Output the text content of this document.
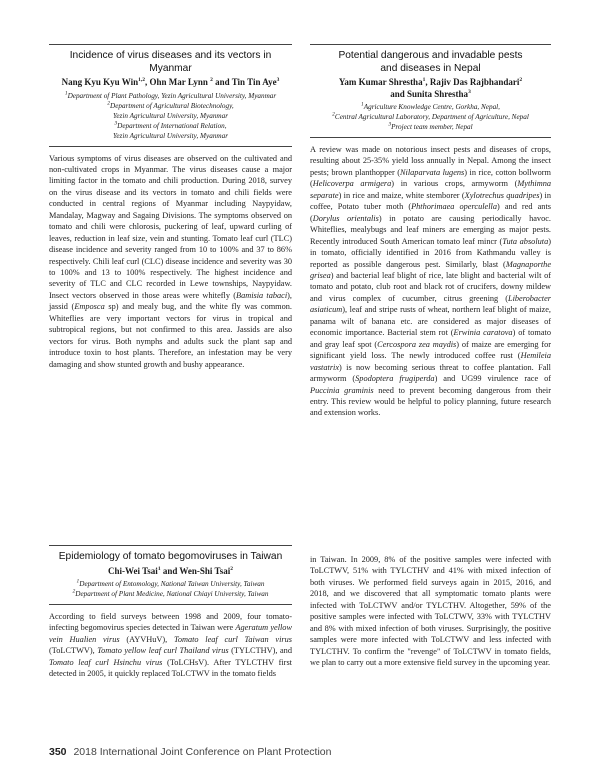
Incidence of virus diseases and its vectors in Myanmar
Nang Kyu Kyu Win$^{1,2}$, Ohn Mar Lynn $^2$ and Tin Tin Aye$^3$
$^1$Department of Plant Pathology, Yezin Agricultural University, Myanmar
$^2$Department of Agricultural Biotechnology,
Yezin Agricultural University, Myanmar
$^3$Department of International Relation,
Yezin Agricultural University, Myanmar
Various symptoms of virus diseases are observed on the cultivated and non-cultivated crops in Myanmar. The virus diseases cause a major limiting factor in the tomato and chili production. During 2018, survey on the virus disease and its vectors in tomato and chili fields were conducted in central regions of Myanmar including Naypyidaw, Mandalay, Magway and Sagaing Divisions. The symptoms observed on tomato and chili were chlorosis, puckering of leaf, upward curling of leaves, reduction in leaf size, vein and stunting. Tomato leaf curl (TLC) disease incidence and severity ranged from 10 to 100% and 37 to 86% respectively. Chili leaf curl (CLC) disease incidence and severity was 30 to 100% and 13 to 100% respectively. The highest incidence and severity of TLC and CLC recorded in Lewe townships, Naypyidaw. Insect vectors observed in those areas were whitefly (Bamisia tabaci), jassid (Emposca sp) and mealy bug, and the white fly was common. Whiteflies are very important vectors for virus in tropical and subtropical regions, but not confirmed to this area. Jassids are also vectors for virus. Both nymphs and adults suck the plant sap and introduce toxin to host plants. Therefore, an infestation may be very damaging and show stunted growth and bushy appearance.
Potential dangerous and invadable pests
and diseases in Nepal
Yam Kumar Shrestha$^1$, Rajiv Das Rajbhandari$^2$
and Sunita Shrestha$^3$
$^1$Agriculture Knowledge Centre, Gorkha, Nepal,
$^2$Central Agricultural Laboratory, Department of Agriculture, Nepal
$^3$Project team member, Nepal
A review was made on notorious insect pests and diseases of crops, resulting about 25-35% yield loss annually in Nepal. Among the insect pests; brown planthopper (Nilaparvata lugens) in rice, cotton bollworm (Helicoverpa armigera) in various crops, armyworm (Mythimna separate) in rice and maize, white stemborer (Xylotrechus quadripes) in coffee, Potato tuber moth (Phthorimaea operculella) and red ants (Dorylus orientalis) in potato are causing periodically havoc. Whiteflies, mealybugs and leaf miners are emerging as major pests. Recently introduced South American tomato leaf mincr (Tuta absoluta) in tomato, officially identified in 2016 from Kathmandu valley is reported as possible dangerous pest. Similarly, blast (Magnaporthe grisea) and bacterial leaf blight of rice, late blight and bacterial wilt of tomato and potato, club root and black rot of crucifers, downy mildew and virus complex of cucumber, citrus greening (Liberobacter asiaticum), leaf and stripe rusts of wheat, northern leaf blight of maize, panama wilt of banana etc. are considered as major diseases of economic importance. Bacterial stem rot (Erwinia caratova) of tomato and gray leaf spot (Cercospora zea maydis) of maize are emerging for significant yield loss. The newly introduced coffee rust (Hemileia vastatrix) is now becoming serious threat to coffee plantation. Fall armyworm (Spodoptera frugiperda) and UG99 virulence race of Puccinia graminis need to prevent becoming dangerous from their entry. This review would be helpful to policy planning, future research and extension works.
Epidemiology of tomato begomoviruses in Taiwan
Chi-Wei Tsai$^1$ and Wen-Shi Tsai$^2$
$^1$Department of Entomology, National Taiwan University, Taiwan
$^2$Department of Plant Medicine, National Chiayi University, Taiwan
According to field surveys between 1998 and 2009, four tomato-infecting begomovirus species detected in Taiwan were Ageratum yellow vein Hualien virus (AYVHuV), Tomato leaf curl Taiwan virus (ToLCTWV), Tomato yellow leaf curl Thailand virus (TYLCTHV), and Tomato leaf curl Hsinchu virus (ToLCHsV). After TYLCTHV first detected in 2005, it quickly replaced ToLCTWV in the tomato fields
in Taiwan. In 2009, 8% of the positive samples were infected with ToLCTWV, 51% with TYLCTHV and 41% with mixed infection of both viruses. We performed field surveys again in 2015, 2016, and 2018, and we discovered that all symptomatic tomato plants were infected with ToLCTWV and/or TYLCTHV. Altogether, 59% of the positive samples were infected with ToLCTWV, 33% with TYLCTHV and 8% with mixed infection of both viruses. Surprisingly, the positive samples were more infected with ToLCTWV and less infected with TYLCTHV. To confirm the "revenge" of ToLCTWV in tomato fields, we plan to carry out a more extensive field survey in the upcoming year.
350 2018 International Joint Conference on Plant Protection
